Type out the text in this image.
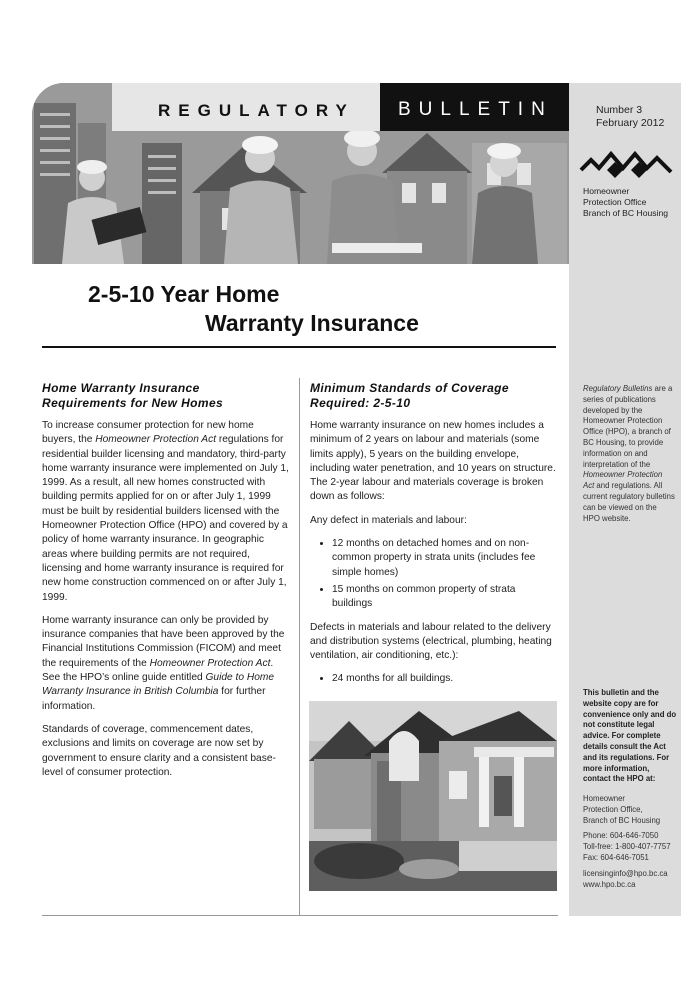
Number 3
February 2012
Homeowner
Protection Office
Branch of BC Housing
Regulatory Bulletins are a series of publications developed by the Homeowner Protection Office (HPO), a branch of BC Housing, to provide information on and interpretation of the Homeowner Protection Act and regulations. All current regulatory bulletins can be viewed on the HPO website.
This bulletin and the website copy are for convenience only and do not constitute legal advice. For complete details consult the Act and its regulations. For more information, contact the HPO at:

Homeowner
Protection Office,
Branch of BC Housing

Phone: 604-646-7050
Toll-free: 1-800-407-7757
Fax: 604-646-7051

licensinginfo@hpo.bc.ca
www.hpo.bc.ca

REGULATORY BULLETIN
2-5-10 Year Home
Warranty Insurance
Home Warranty Insurance
Requirements for New Homes

To increase consumer protection for new home buyers, the Homeowner Protection Act regulations for residential builder licensing and mandatory, third-party home warranty insurance were implemented on July 1, 1999. As a result, all new homes constructed with building permits applied for on or after July 1, 1999 must be built by residential builders licensed with the Homeowner Protection Office (HPO) and covered by a policy of home warranty insurance. In geographic areas where building permits are not required, licensing and home warranty insurance is required for new home construction commenced on or after July 1, 1999.

Home warranty insurance can only be provided by insurance companies that have been approved by the Financial Institutions Commission (FICOM) and meet the requirements of the Homeowner Protection Act. See the HPO’s online guide entitled Guide to Home Warranty Insurance in British Columbia for further information.

Standards of coverage, commencement dates, exclusions and limits on coverage are now set by government to ensure clarity and a consistent base-level of consumer protection.

Minimum Standards of Coverage
Required: 2-5-10

Home warranty insurance on new homes includes a minimum of 2 years on labour and materials (some limits apply), 5 years on the building envelope, including water penetration, and 10 years on structure. The 2-year labour and materials coverage is broken down as follows:

Any defect in materials and labour:

• 12 months on detached homes and on non-common property in strata units (includes fee simple homes)
• 15 months on common property of strata buildings

Defects in materials and labour related to the delivery and distribution systems (electrical, plumbing, heating ventilation, air conditioning, etc.):

• 24 months for all buildings.
